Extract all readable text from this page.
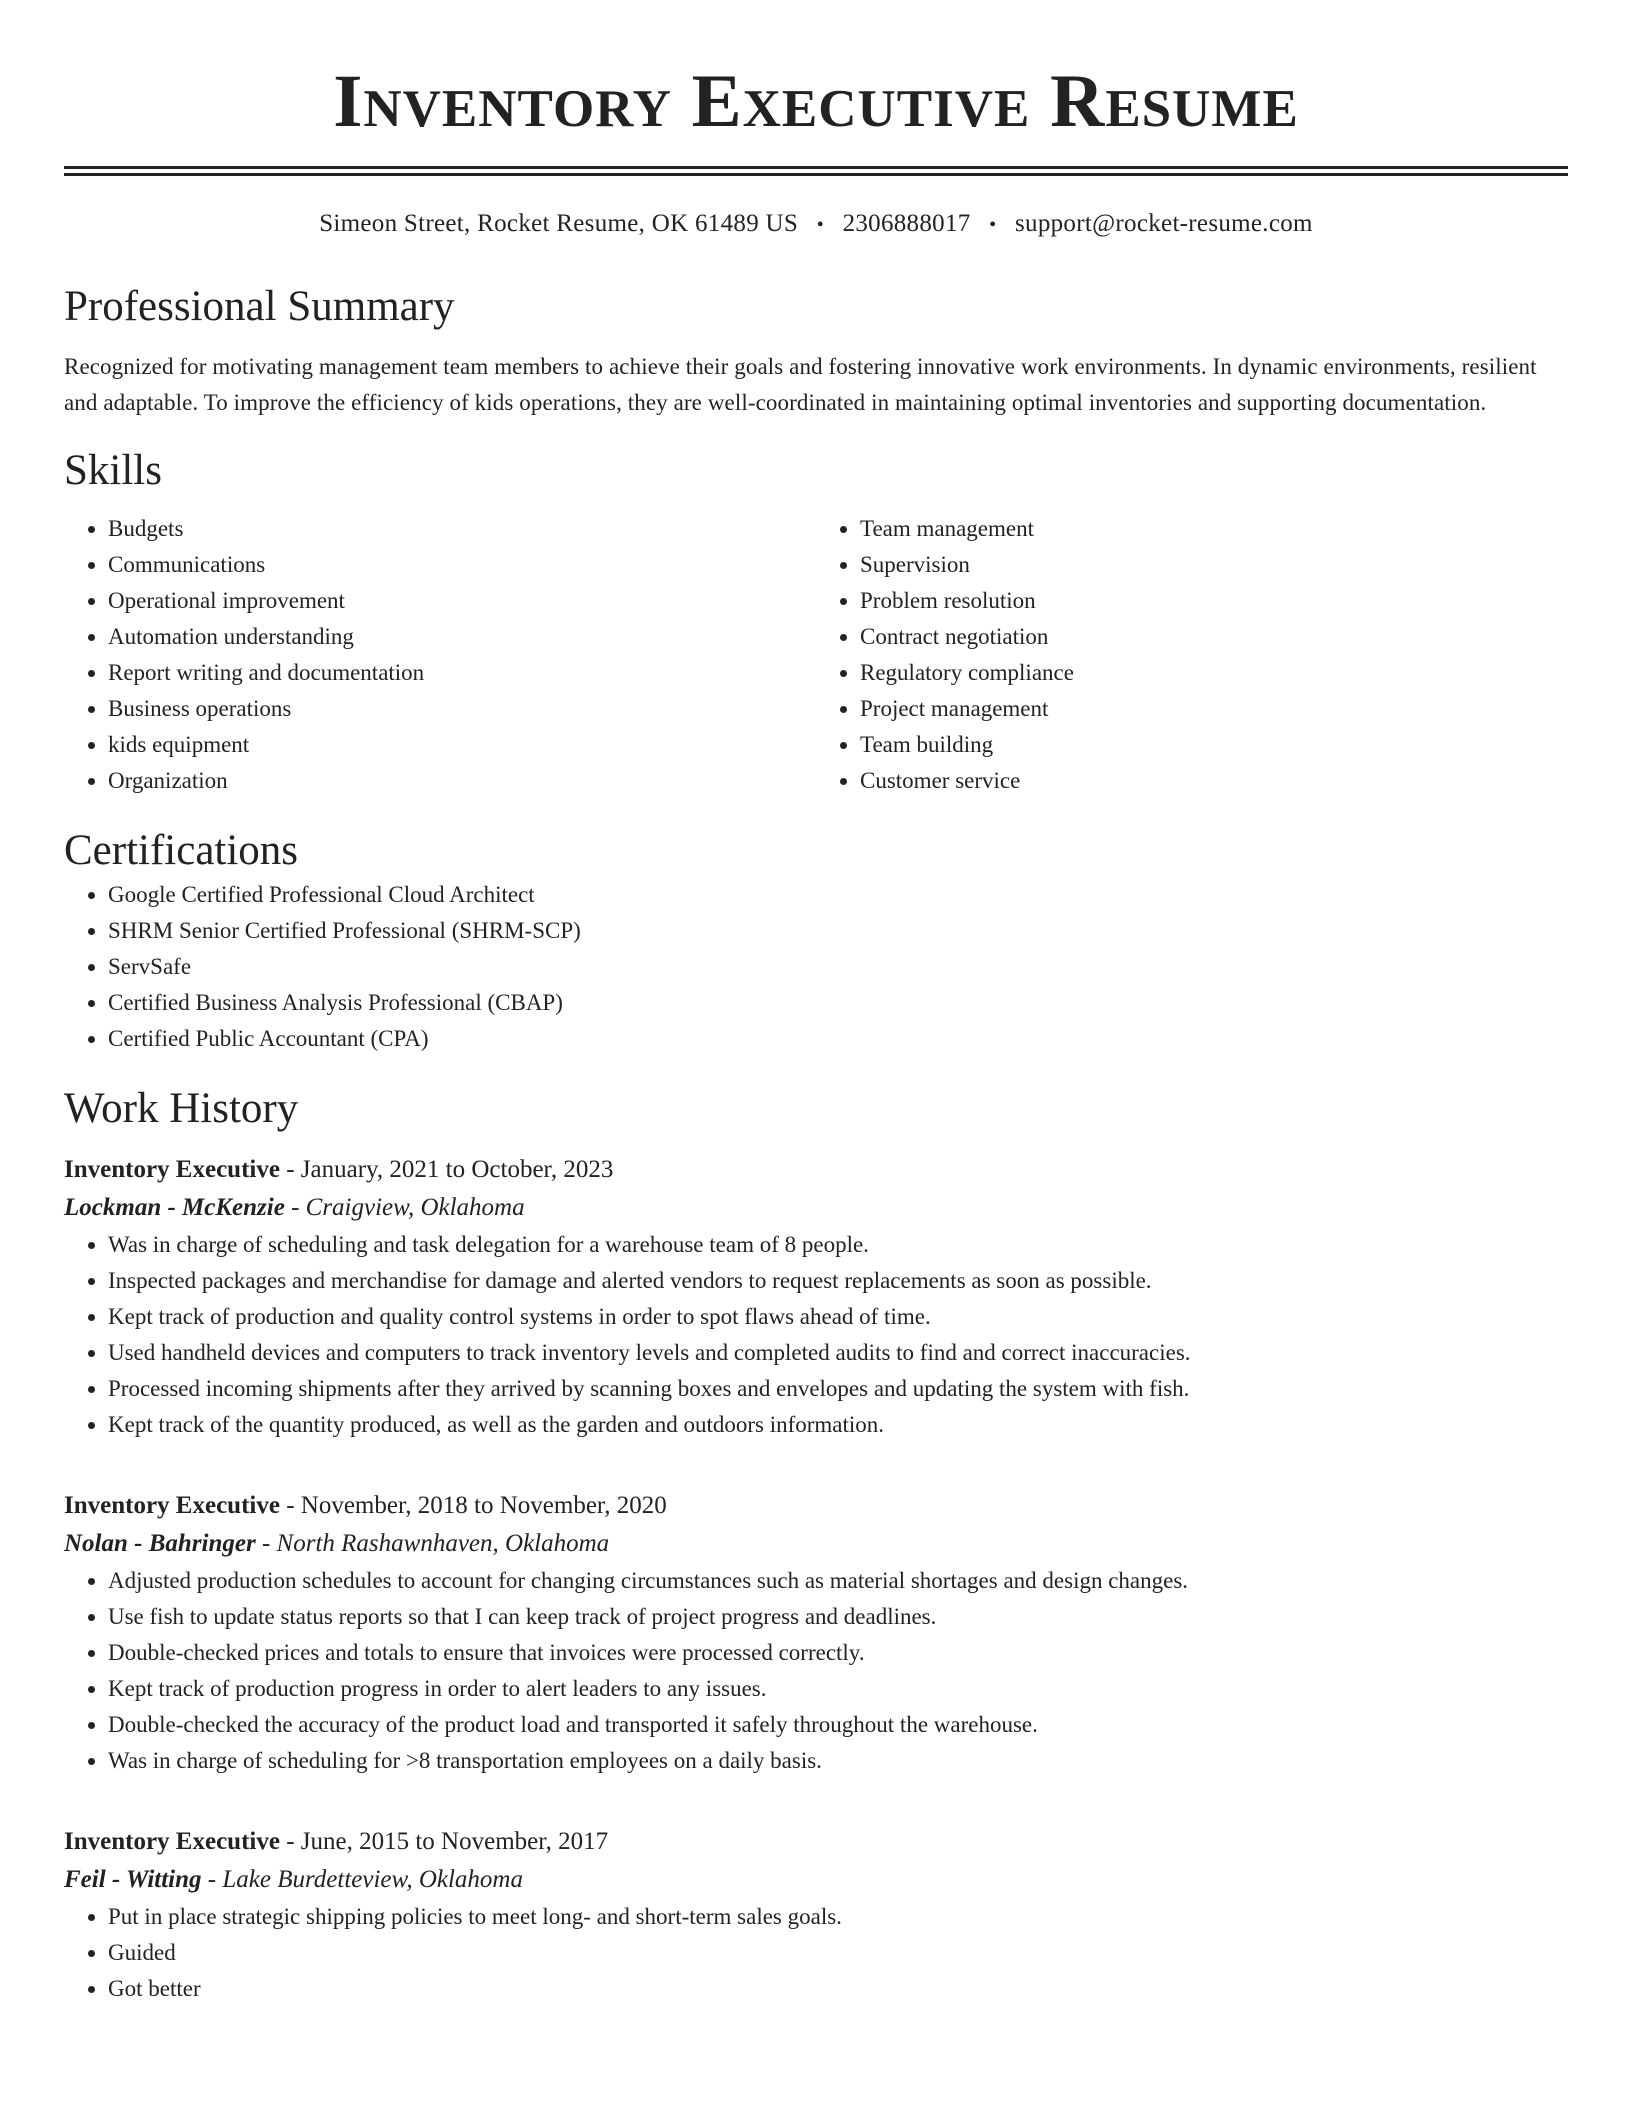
Inventory Executive Resume
Simeon Street, Rocket Resume, OK 61489 US • 2306888017 • support@rocket-resume.com
Professional Summary
Recognized for motivating management team members to achieve their goals and fostering innovative work environments. In dynamic environments, resilient and adaptable. To improve the efficiency of kids operations, they are well-coordinated in maintaining optimal inventories and supporting documentation.
Skills
• Budgets
• Communications
• Operational improvement
• Automation understanding
• Report writing and documentation
• Business operations
• kids equipment
• Organization
• Team management
• Supervision
• Problem resolution
• Contract negotiation
• Regulatory compliance
• Project management
• Team building
• Customer service
Certifications
• Google Certified Professional Cloud Architect
• SHRM Senior Certified Professional (SHRM-SCP)
• ServSafe
• Certified Business Analysis Professional (CBAP)
• Certified Public Accountant (CPA)
Work History
Inventory Executive - January, 2021 to October, 2023
Lockman - McKenzie - Craigview, Oklahoma
• Was in charge of scheduling and task delegation for a warehouse team of 8 people.
• Inspected packages and merchandise for damage and alerted vendors to request replacements as soon as possible.
• Kept track of production and quality control systems in order to spot flaws ahead of time.
• Used handheld devices and computers to track inventory levels and completed audits to find and correct inaccuracies.
• Processed incoming shipments after they arrived by scanning boxes and envelopes and updating the system with fish.
• Kept track of the quantity produced, as well as the garden and outdoors information.
Inventory Executive - November, 2018 to November, 2020
Nolan - Bahringer - North Rashawnhaven, Oklahoma
• Adjusted production schedules to account for changing circumstances such as material shortages and design changes.
• Use fish to update status reports so that I can keep track of project progress and deadlines.
• Double-checked prices and totals to ensure that invoices were processed correctly.
• Kept track of production progress in order to alert leaders to any issues.
• Double-checked the accuracy of the product load and transported it safely throughout the warehouse.
• Was in charge of scheduling for >8 transportation employees on a daily basis.
Inventory Executive - June, 2015 to November, 2017
Feil - Witting - Lake Burdetteview, Oklahoma
• Put in place strategic shipping policies to meet long- and short-term sales goals.
• Guided
• Got better
